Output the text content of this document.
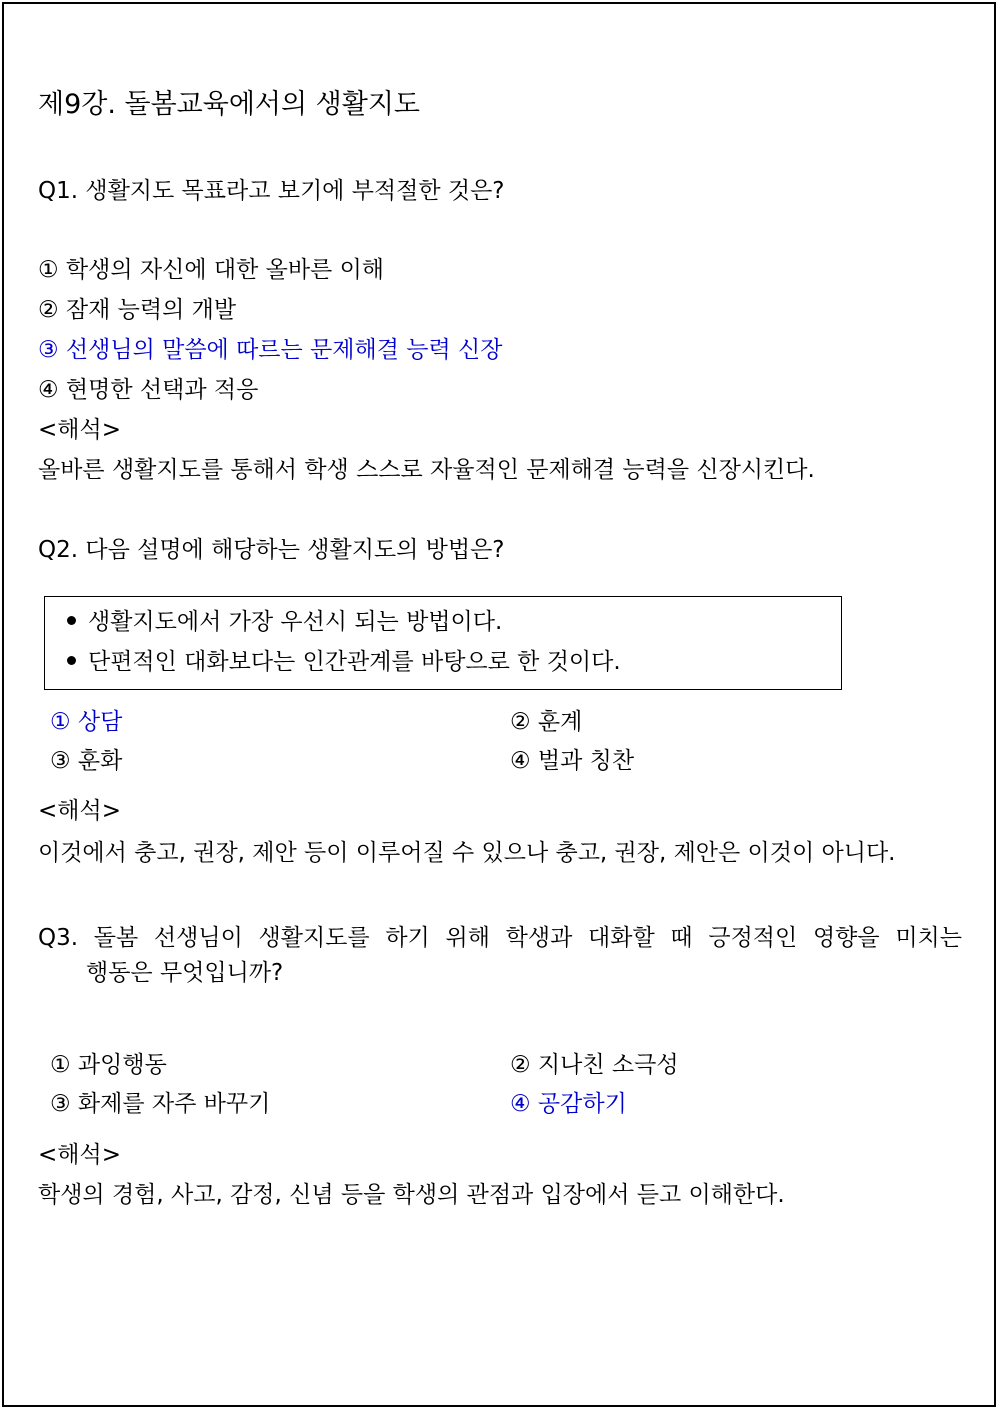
제9강. 돌봄교육에서의 생활지도
Q1. 생활지도 목표라고 보기에 부적절한 것은?
① 학생의 자신에 대한 올바른 이해
② 잠재 능력의 개발
③ 선생님의 말씀에 따르는 문제해결 능력 신장
④ 현명한 선택과 적응
<해석>
올바른 생활지도를 통해서 학생 스스로 자율적인 문제해결 능력을 신장시킨다.
Q2. 다음 설명에 해당하는 생활지도의 방법은?
생활지도에서 가장 우선시 되는 방법이다.
단편적인 대화보다는 인간관계를 바탕으로 한 것이다.
① 상담	② 훈계
③ 훈화	④ 벌과 칭찬
<해석>
이것에서 충고, 권장, 제안 등이 이루어질 수 있으나 충고, 권장, 제안은 이것이 아니다.
Q3. 돌봄 선생님이 생활지도를 하기 위해 학생과 대화할 때 긍정적인 영향을 미치는
행동은 무엇입니까?
① 과잉행동	② 지나친 소극성
③ 화제를 자주 바꾸기	④ 공감하기
<해석>
학생의 경험, 사고, 감정, 신념 등을 학생의 관점과 입장에서 듣고 이해한다.
